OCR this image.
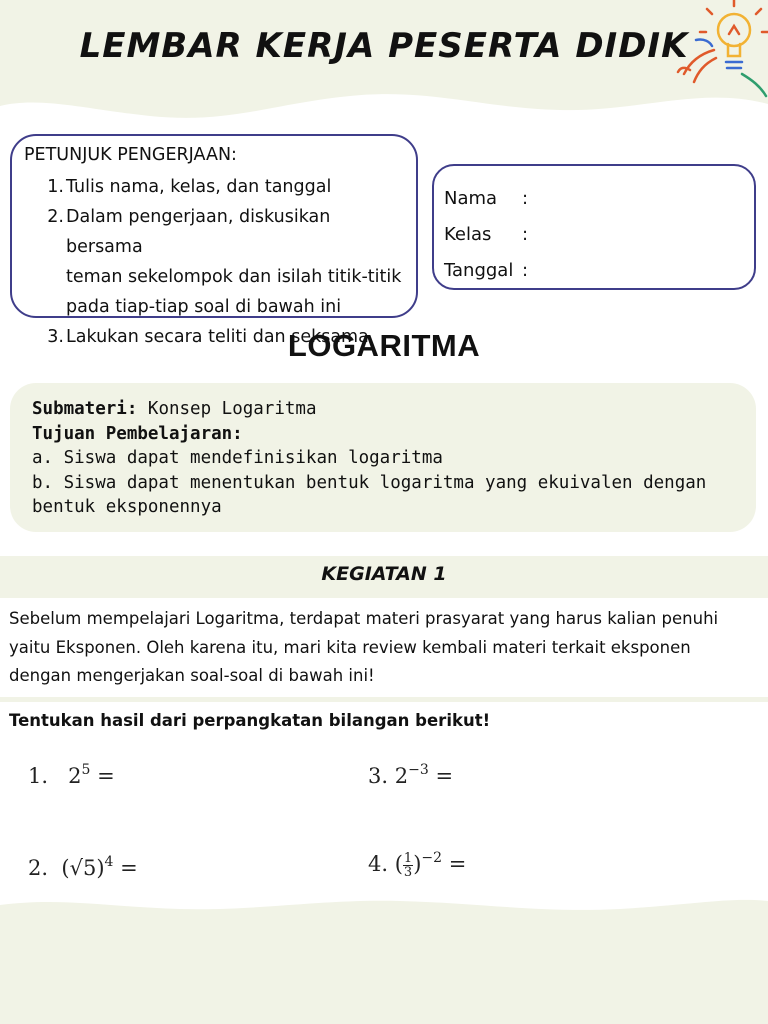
LEMBAR KERJA PESERTA DIDIK

PETUNJUK PENGERJAAN:

1. Tulis nama, kelas, dan tanggal
2. Dalam pengerjaan, diskusikan bersama
teman sekelompok dan isilah titik-titik
pada tiap-tiap soal di bawah ini
3. Lakukan secara teliti dan seksama
Nama	:
Kelas	:
Tanggal :
LOGARITMA
Submateri: Konsep Logaritma
Tujuan Pembelajaran:
a. Siswa dapat mendefinisikan logaritma
b. Siswa dapat menentukan bentuk logaritma yang ekuivalen dengan bentuk eksponennya
KEGIATAN 1

Sebelum mempelajari Logaritma, terdapat materi prasyarat yang harus kalian penuhi yaitu Eksponen. Oleh karena itu, mari kita review kembali materi terkait eksponen dengan mengerjakan soal-soal di bawah ini!

Tentukan hasil dari perpangkatan bilangan berikut!

1. $2^5$ =
2. $(√5)^4$ =
3. $2^{-3}$ =
4. ( $\frac{1}{3} )^{-2}$ =
